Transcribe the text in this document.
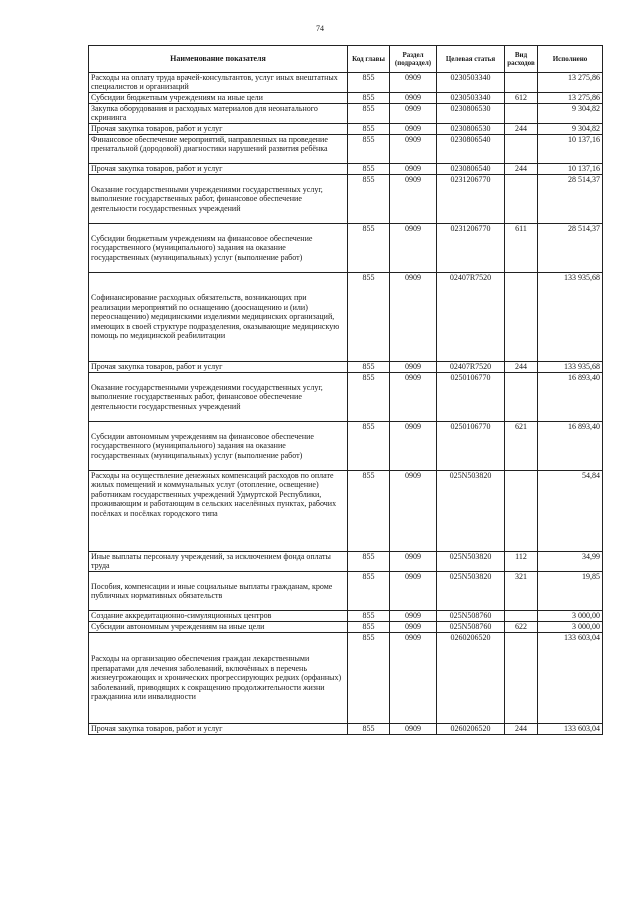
74
Наименование показателя	Код главы	Раздел (подраздел)	Целевая статья	Вид расходов	Исполнено
Расходы на оплату труда врачей-консультантов, услуг иных внештатных специалистов и организаций	855	0909	0230503340		13 275,86
Субсидии бюджетным учреждениям на иные цели	855	0909	0230503340	612	13 275,86
Закупка оборудования и расходных материалов для неонатального скрининга	855	0909	0230806530		9 304,82
Прочая закупка товаров, работ и услуг	855	0909	0230806530	244	9 304,82
Финансовое обеспечение мероприятий, направленных на проведение пренатальной (дородовой) диагностики нарушений развития ребёнка	855	0909	0230806540		10 137,16
Прочая закупка товаров, работ и услуг	855	0909	0230806540	244	10 137,16
Оказание государственными учреждениями государственных услуг, выполнение государственных работ, финансовое обеспечение деятельности государственных учреждений	855	0909	0231206770		28 514,37
Субсидии бюджетным учреждениям на финансовое обеспечение государственного (муниципального) задания на оказание государственных (муниципальных) услуг (выполнение работ)	855	0909	0231206770	611	28 514,37
Софинансирование расходных обязательств, возникающих при реализации мероприятий по оснащению (дооснащению и (или) переоснащению) медицинскими изделиями медицинских организаций, имеющих в своей структуре подразделения, оказывающие медицинскую помощь по медицинской реабилитации	855	0909	02407R7520		133 935,68
Прочая закупка товаров, работ и услуг	855	0909	02407R7520	244	133 935,68
Оказание государственными учреждениями государственных услуг, выполнение государственных работ, финансовое обеспечение деятельности государственных учреждений	855	0909	0250106770		16 893,40
Субсидии автономным учреждениям на финансовое обеспечение государственного (муниципального) задания на оказание государственных (муниципальных) услуг (выполнение работ)	855	0909	0250106770	621	16 893,40
Расходы на осуществление денежных компенсаций расходов по оплате жилых помещений и коммунальных услуг (отопление, освещение) работникам государственных учреждений Удмуртской Республики, проживающим и работающим в сельских населённых пунктах, рабочих посёлках и посёлках городского типа	855	0909	025N503820		54,84
Иные выплаты персоналу учреждений, за исключением фонда оплаты труда	855	0909	025N503820	112	34,99
Пособия, компенсации и иные социальные выплаты гражданам, кроме публичных нормативных обязательств	855	0909	025N503820	321	19,85
Создание аккредитационно-симуляционных центров	855	0909	025N508760		3 000,00
Субсидии автономным учреждениям на иные цели	855	0909	025N508760	622	3 000,00
Расходы на организацию обеспечения граждан лекарственными препаратами для лечения заболеваний, включённых в перечень жизнеугрожающих и хронических прогрессирующих редких (орфанных) заболеваний, приводящих к сокращению продолжительности жизни гражданина или инвалидности	855	0909	0260206520		133 603,04
Прочая закупка товаров, работ и услуг	855	0909	0260206520	244	133 603,04
